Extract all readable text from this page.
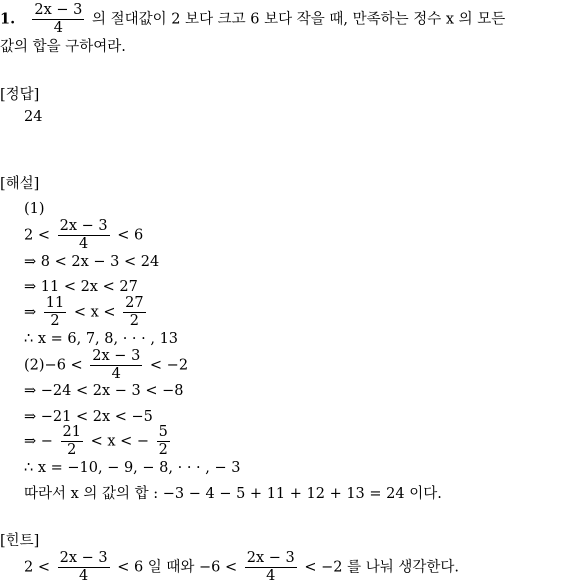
1. $\frac{2x - 3}{4}$ 의 절대값이 2 보다 크고 6 보다 작을 때, 만족하는 정수 x 의 모든
값의 합을 구하여라.
[정답]
24
[해설]
(1)
$2 < \frac{2x - 3}{4} < 6$
⇒ 8 < 2x − 3 < 24
⇒ 11 < 2x < 27
⇒ $\frac{11}{2} < x < \frac{27}{2}$
∴ x = 6, 7, 8, · · · , 13
$(2)-6 < \frac{2x - 3}{4} < -2$
⇒ −24 < 2x − 3 < −8
⇒ −21 < 2x < −5
⇒ − $\frac{21}{2} < x$ < − $\frac{5}{2}$
∴ x = −10, − 9, − 8, · · · , − 3
따라서 x 의 값의 합 : −3 − 4 − 5 + 11 + 12 + 13 = 24 이다.
[힌트]
$2 < \frac{2x - 3}{4} < 6$ 일 때와 $-6 < \frac{2x - 3}{4} < -2$ 를 나눠 생각한다.
